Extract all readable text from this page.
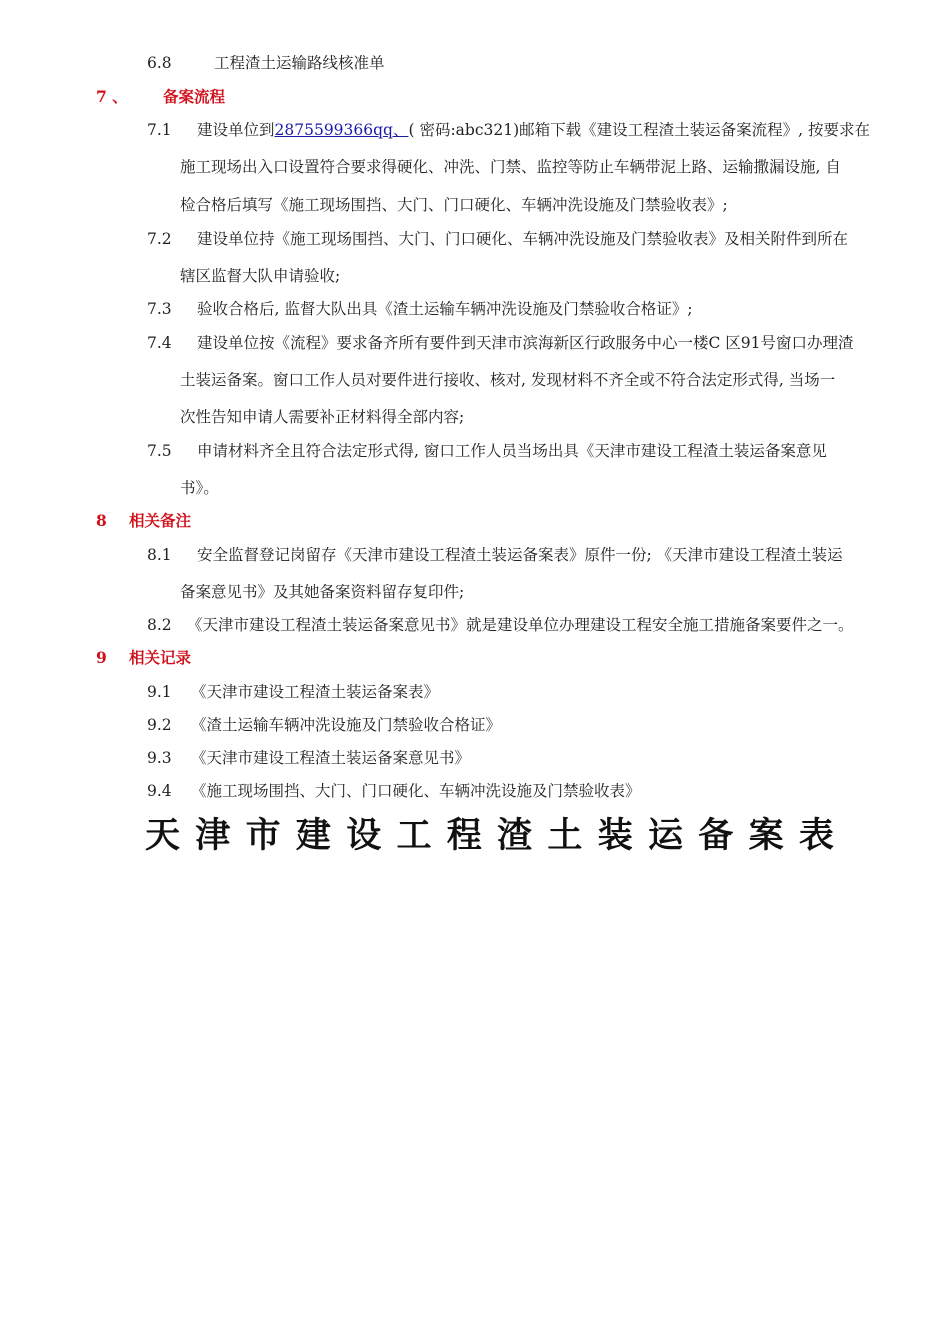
6.8	工程渣土运输路线核准单
7 、 备案流程
7.1 建设单位到2875599366qq、( 密码:abc321)邮箱下载《建设工程渣土装运备案流程》, 按要求在
施工现场出入口设置符合要求得硬化、冲洗、门禁、监控等防止车辆带泥上路、运输撒漏设施, 自
检合格后填写《施工现场围挡、大门、门口硬化、车辆冲洗设施及门禁验收表》;
7.2 建设单位持《施工现场围挡、大门、门口硬化、车辆冲洗设施及门禁验收表》及相关附件到所在
辖区监督大队申请验收;
7.3 验收合格后, 监督大队出具《渣土运输车辆冲洗设施及门禁验收合格证》;
7.4 建设单位按《流程》要求备齐所有要件到天津市滨海新区行政服务中心一楼C 区91号窗口办理渣
土装运备案。窗口工作人员对要件进行接收、核对, 发现材料不齐全或不符合法定形式得, 当场一
次性告知申请人需要补正材料得全部内容;
7.5 申请材料齐全且符合法定形式得, 窗口工作人员当场出具《天津市建设工程渣土装运备案意见
书》。
8 相关备注
8.1 安全监督登记岗留存《天津市建设工程渣土装运备案表》原件一份; 《天津市建设工程渣土装运
备案意见书》及其她备案资料留存复印件;
8.2 《天津市建设工程渣土装运备案意见书》就是建设单位办理建设工程安全施工措施备案要件之一。
9 相关记录
9.1 《天津市建设工程渣土装运备案表》
9.2 《渣土运输车辆冲洗设施及门禁验收合格证》
9.3 《天津市建设工程渣土装运备案意见书》
9.4 《施工现场围挡、大门、门口硬化、车辆冲洗设施及门禁验收表》
天 津 市 建 设 工 程 渣 土 装 运 备 案 表
